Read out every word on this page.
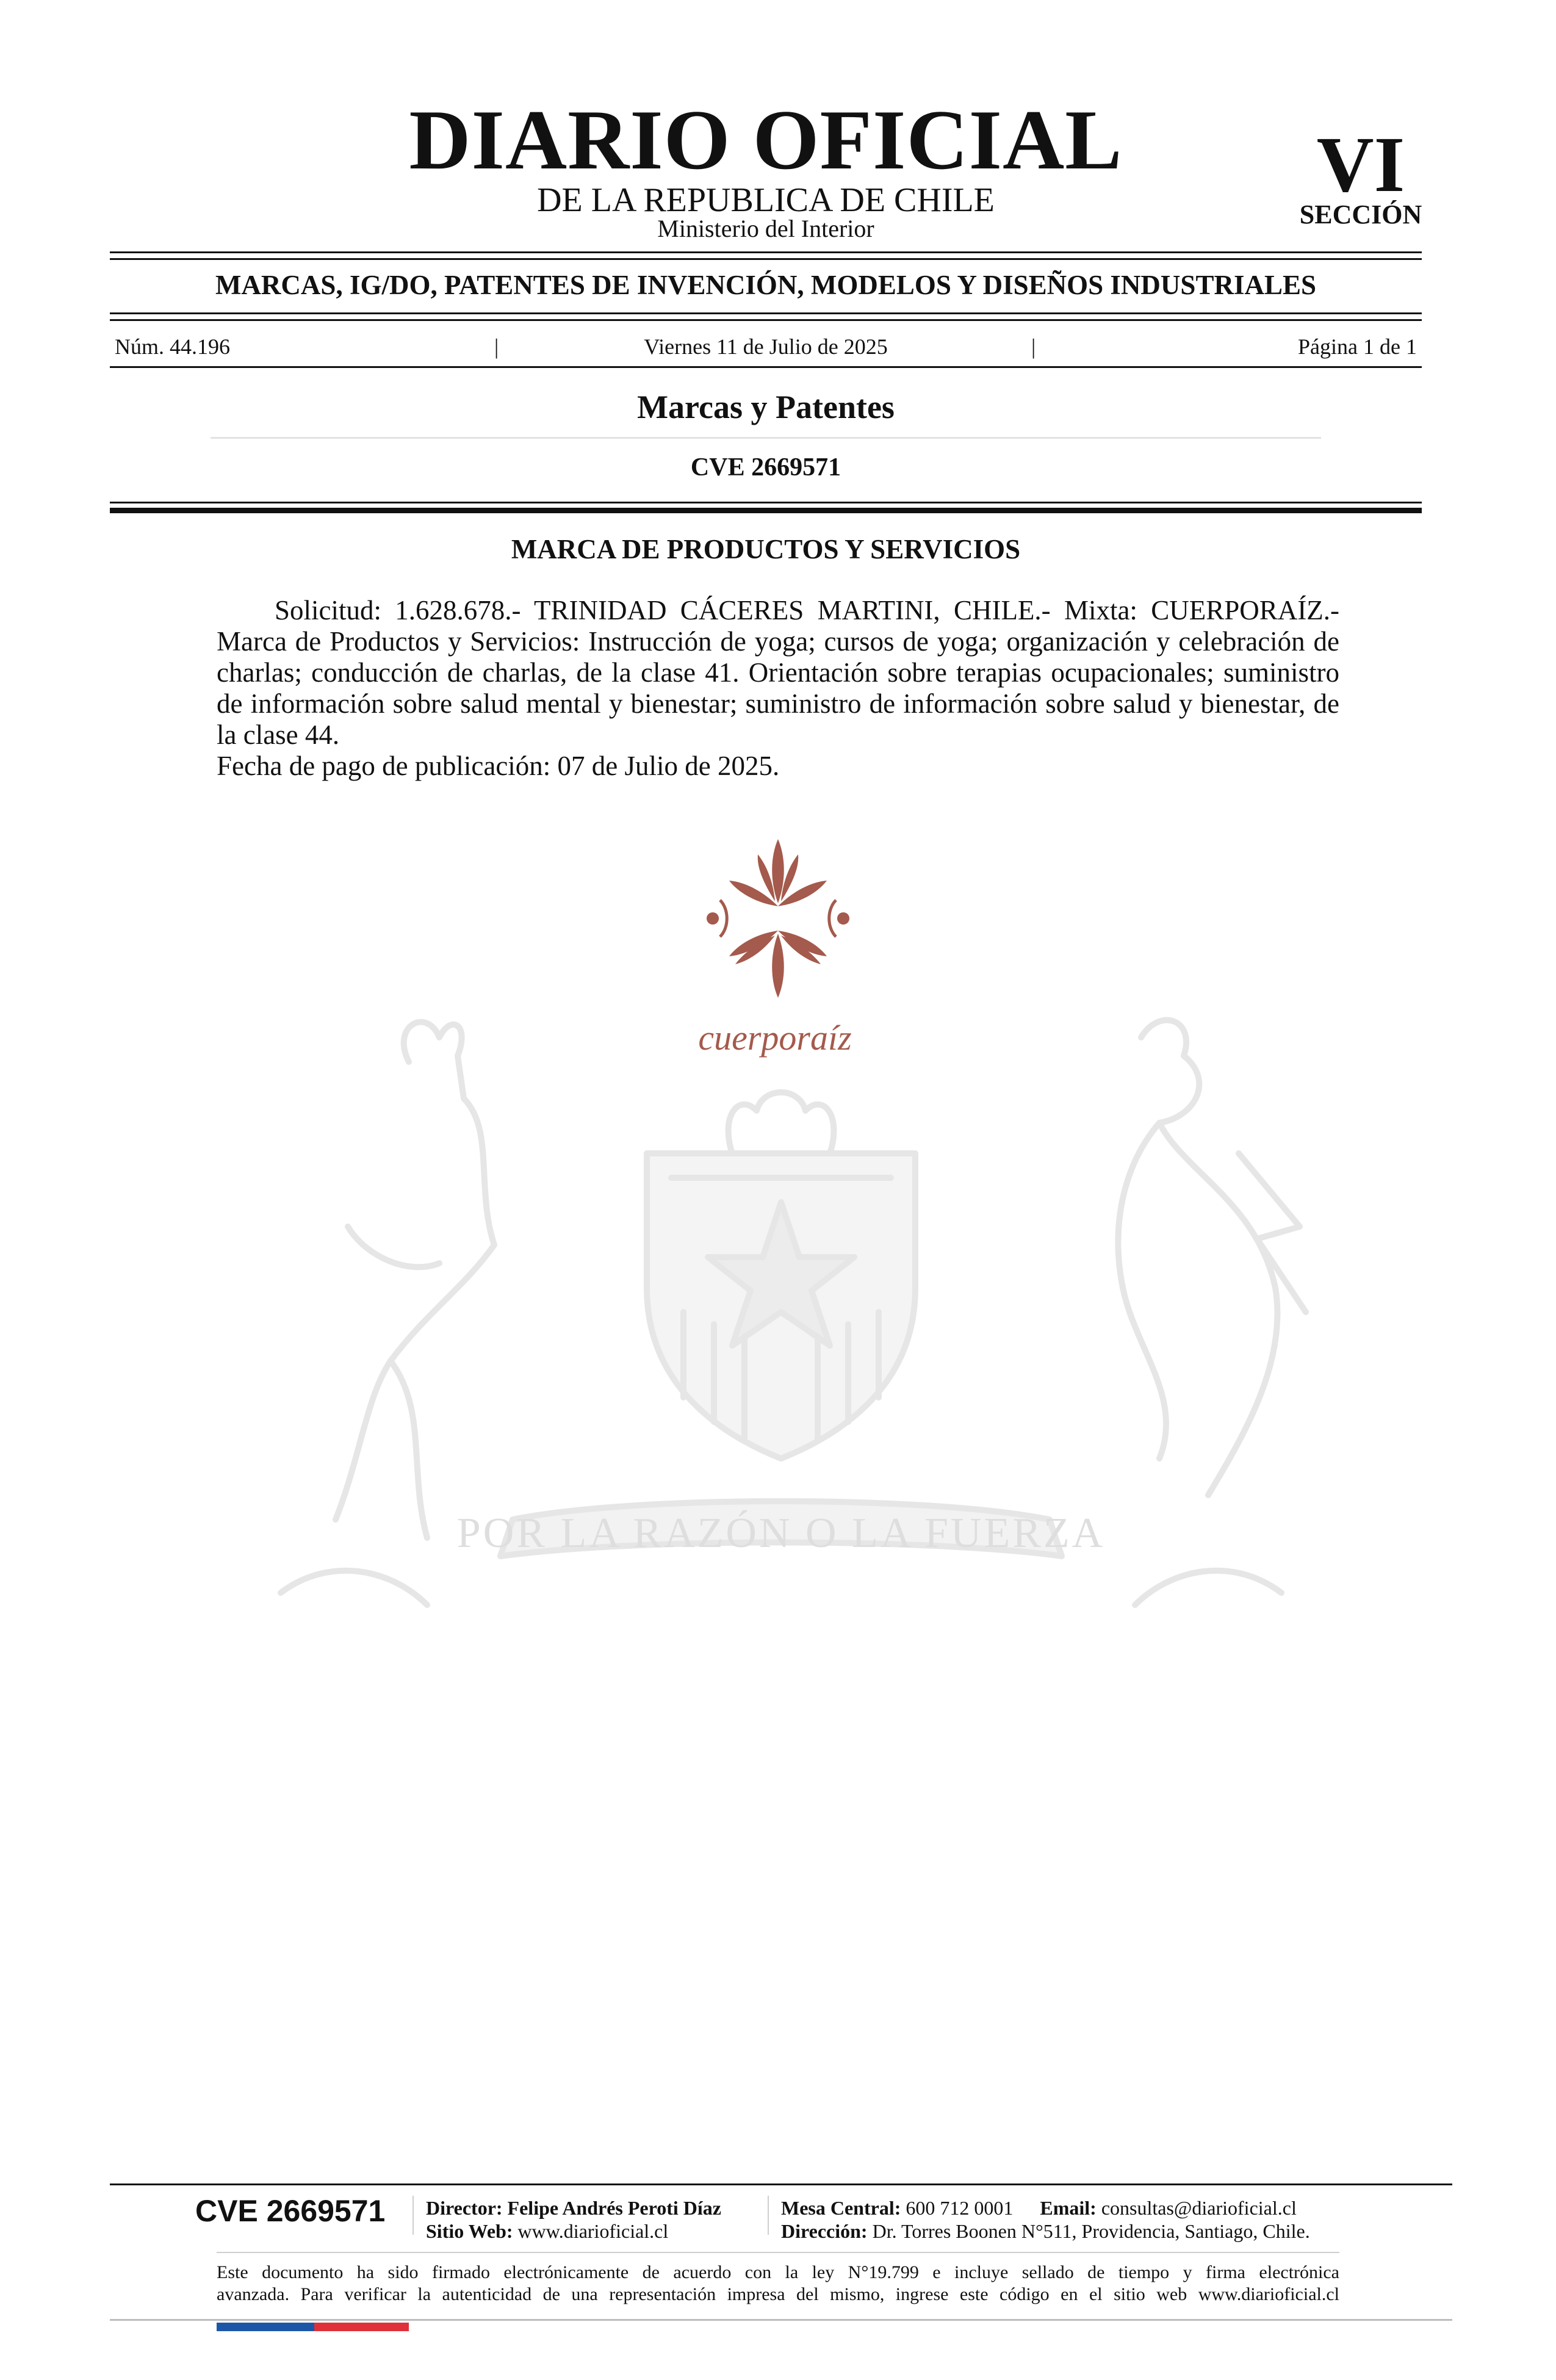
DIARIO OFICIAL
DE LA REPUBLICA DE CHILE
Ministerio del Interior
VI
SECCIÓN
MARCAS, IG/DO, PATENTES DE INVENCIÓN, MODELOS Y DISEÑOS INDUSTRIALES
Núm. 44.196	|	Viernes 11 de Julio de 2025	|	Página 1 de 1
Marcas y Patentes
CVE 2669571
MARCA DE PRODUCTOS Y SERVICIOS

Solicitud: 1.628.678.- TRINIDAD CÁCERES MARTINI, CHILE.- Mixta: CUERPORAÍZ.- Marca de Productos y Servicios: Instrucción de yoga; cursos de yoga; organización y celebración de charlas; conducción de charlas, de la clase 41. Orientación sobre terapias ocupacionales; suministro de información sobre salud mental y bienestar; suministro de información sobre salud y bienestar, de la clase 44.

Fecha de pago de publicación: 07 de Julio de 2025.

POR LA RAZÓN O LA FUERZA
cuerporaíz
CVE 2669571	Director: Felipe Andrés Peroti Díaz
Sitio Web: www.diarioficial.cl
Mesa Central: 600 712 0001 Email: consultas@diarioficial.cl
Dirección: Dr. Torres Boonen N°511, Providencia, Santiago, Chile.

Este documento ha sido firmado electrónicamente de acuerdo con la ley N°19.799 e incluye sellado de tiempo y firma electrónica

avanzada. Para verificar la autenticidad de una representación impresa del mismo, ingrese este código en el sitio web www.diarioficial.cl
